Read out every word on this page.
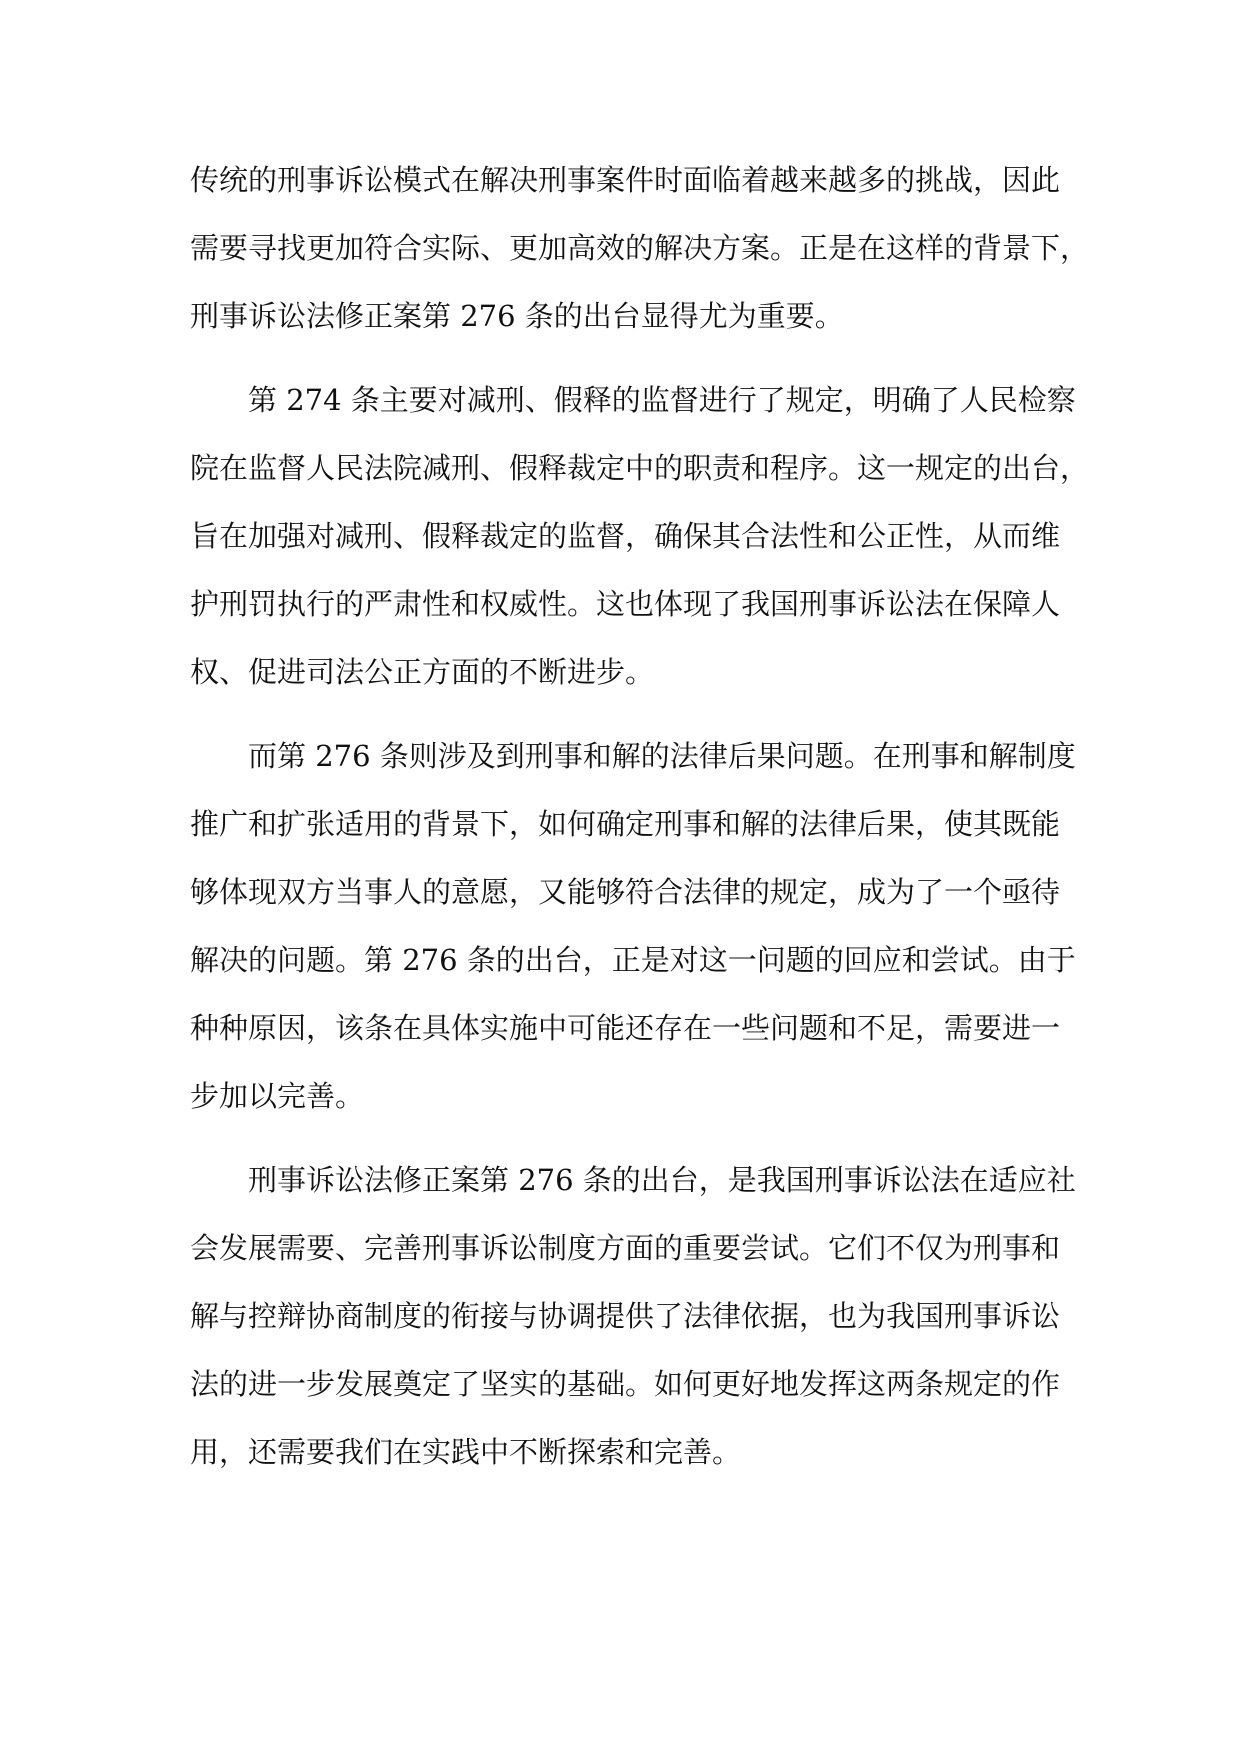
传统的刑事诉讼模式在解决刑事案件时面临着越来越多的挑战，因此
需要寻找更加符合实际、更加高效的解决方案。正是在这样的背景下，
刑事诉讼法修正案第 276 条的出台显得尤为重要。
　　第 274 条主要对减刑、假释的监督进行了规定，明确了人民检察
院在监督人民法院减刑、假释裁定中的职责和程序。这一规定的出台，
旨在加强对减刑、假释裁定的监督，确保其合法性和公正性，从而维
护刑罚执行的严肃性和权威性。这也体现了我国刑事诉讼法在保障人
权、促进司法公正方面的不断进步。
　　而第 276 条则涉及到刑事和解的法律后果问题。在刑事和解制度
推广和扩张适用的背景下，如何确定刑事和解的法律后果，使其既能
够体现双方当事人的意愿，又能够符合法律的规定，成为了一个亟待
解决的问题。第 276 条的出台，正是对这一问题的回应和尝试。由于
种种原因，该条在具体实施中可能还存在一些问题和不足，需要进一
步加以完善。
　　刑事诉讼法修正案第 276 条的出台，是我国刑事诉讼法在适应社
会发展需要、完善刑事诉讼制度方面的重要尝试。它们不仅为刑事和
解与控辩协商制度的衔接与协调提供了法律依据，也为我国刑事诉讼
法的进一步发展奠定了坚实的基础。如何更好地发挥这两条规定的作
用，还需要我们在实践中不断探索和完善。
